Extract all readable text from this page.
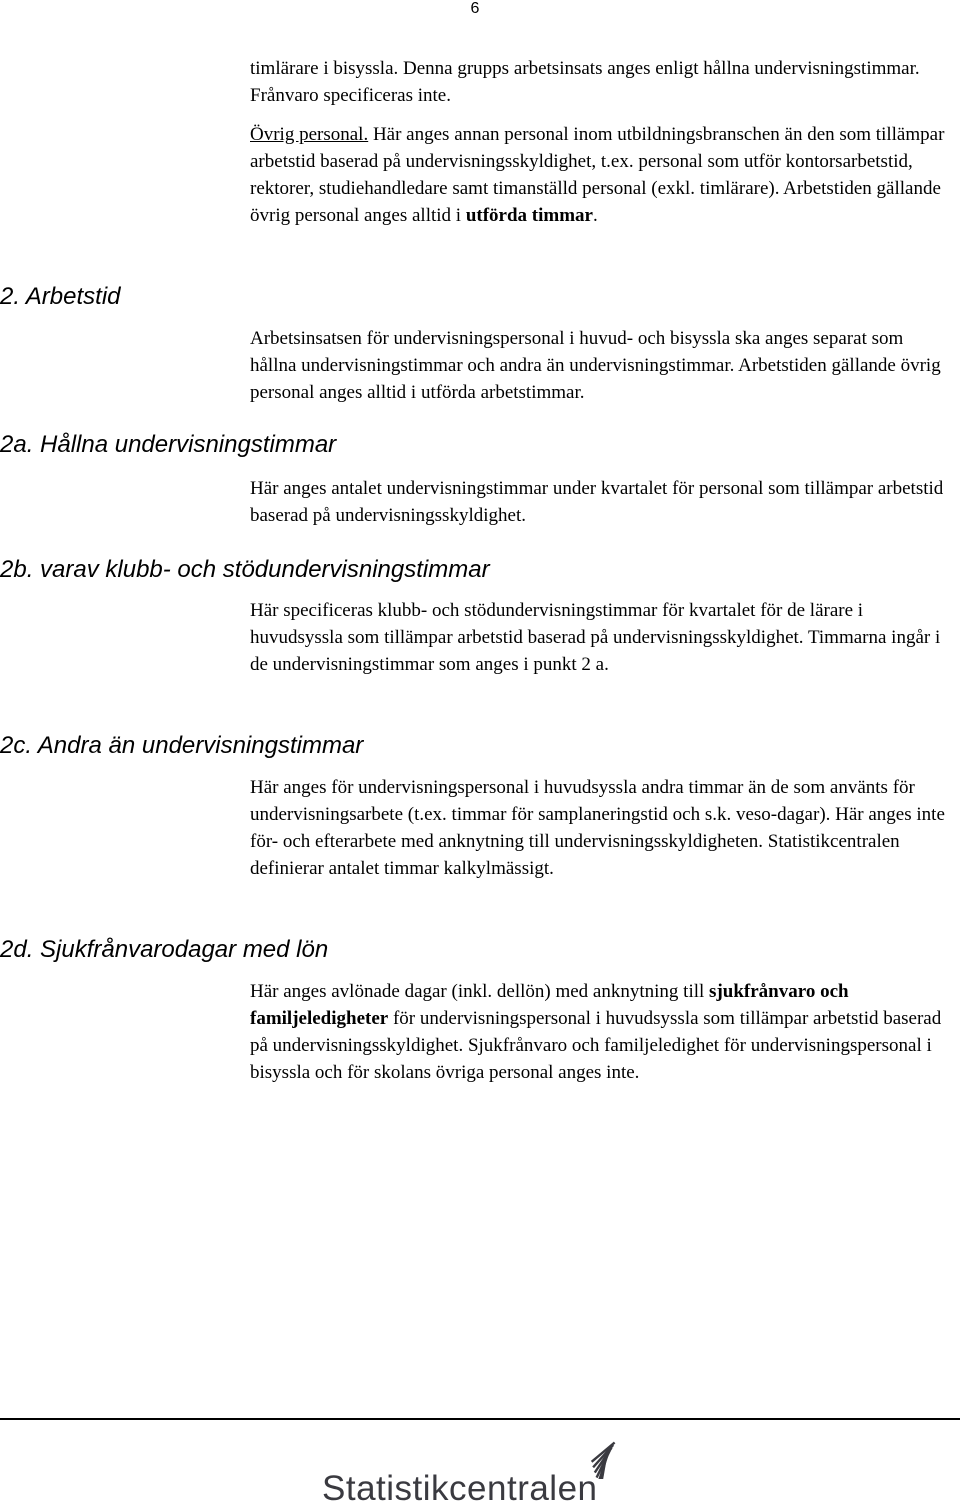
6
timlärare i bisyssla. Denna grupps arbetsinsats anges enligt hållna undervisningstimmar. Frånvaro specificeras inte.
Övrig personal. Här anges annan personal inom utbildningsbranschen än den som tillämpar arbetstid baserad på undervisningsskyldighet, t.ex. personal som utför kontorsarbetstid, rektorer, studiehandledare samt timanställd personal (exkl. timlärare). Arbetstiden gällande övrig personal anges alltid i utförda timmar.
2. Arbetstid
Arbetsinsatsen för undervisningspersonal i huvud- och bisyssla ska anges separat som hållna undervisningstimmar och andra än undervisningstimmar. Arbetstiden gällande övrig personal anges alltid i utförda arbetstimmar.
2a. Hållna undervisningstimmar
Här anges antalet undervisningstimmar under kvartalet för personal som tillämpar arbetstid baserad på undervisningsskyldighet.
2b. varav klubb- och stödundervisningstimmar
Här specificeras klubb- och stödundervisningstimmar för kvartalet för de lärare i huvudsyssla som tillämpar arbetstid baserad på undervisningsskyldighet. Timmarna ingår i de undervisningstimmar som anges i punkt 2 a.
2c. Andra än undervisningstimmar
Här anges för undervisningspersonal i huvudsyssla andra timmar än de som använts för undervisningsarbete (t.ex. timmar för samplaneringstid och s.k. veso-dagar). Här anges inte för- och efterarbete med anknytning till undervisningsskyldigheten. Statistikcentralen definierar antalet timmar kalkylmässigt.
2d. Sjukfrånvarodagar med lön
Här anges avlönade dagar (inkl. dellön) med anknytning till sjukfrånvaro och familjeledigheter för undervisningspersonal i huvudsyssla som tillämpar arbetstid baserad på undervisningsskyldighet. Sjukfrånvaro och familjeledighet för undervisningspersonal i bisyssla och för skolans övriga personal anges inte.
Statistikcentralen
